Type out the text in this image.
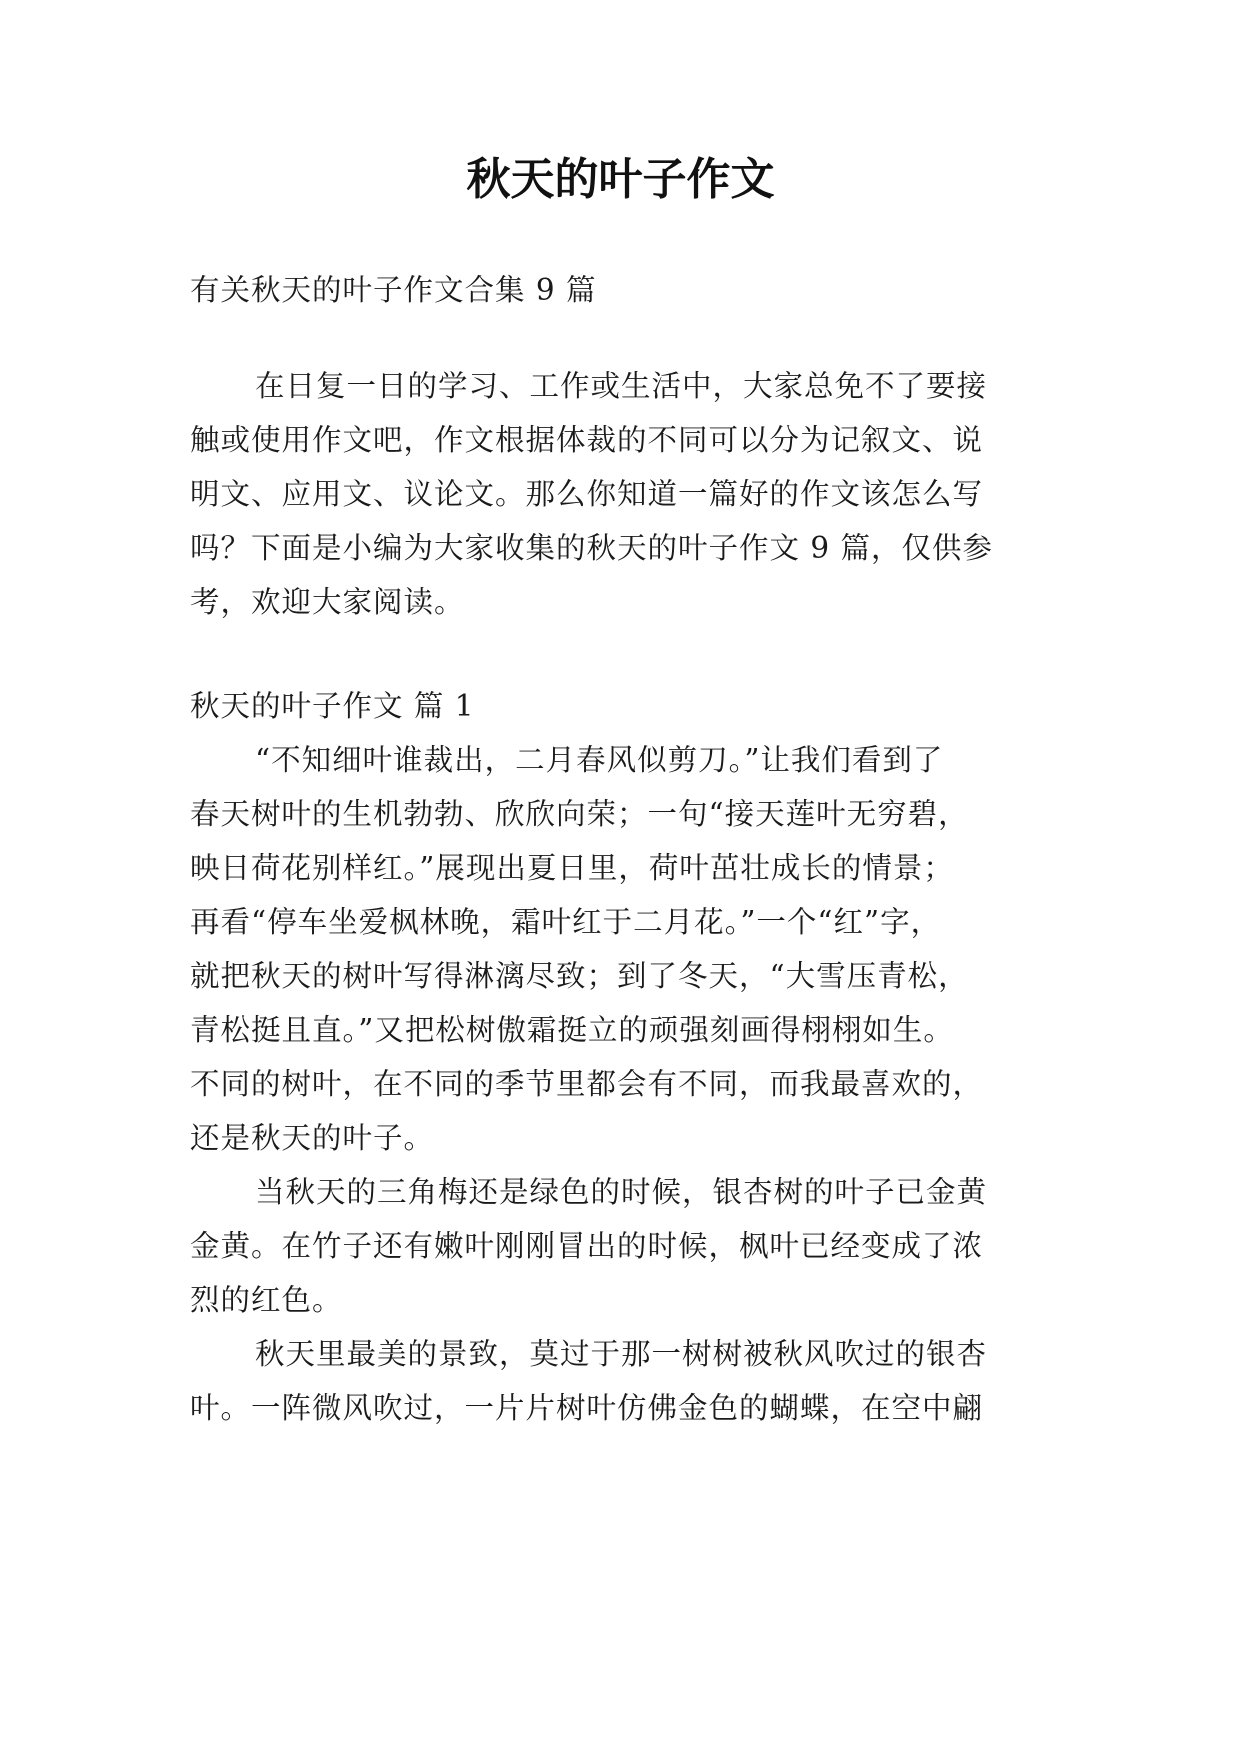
秋天的叶子作文
有关秋天的叶子作文合集 9 篇
在日复一日的学习、工作或生活中，大家总免不了要接
触或使用作文吧，作文根据体裁的不同可以分为记叙文、说
明文、应用文、议论文。那么你知道一篇好的作文该怎么写
吗？下面是小编为大家收集的秋天的叶子作文 9 篇，仅供参
考，欢迎大家阅读。
秋天的叶子作文 篇 1
“不知细叶谁裁出，二月春风似剪刀。”让我们看到了
春天树叶的生机勃勃、欣欣向荣；一句“接天莲叶无穷碧，
映日荷花别样红。”展现出夏日里，荷叶茁壮成长的情景；
再看“停车坐爱枫林晚，霜叶红于二月花。”一个“红”字，
就把秋天的树叶写得淋漓尽致；到了冬天，“大雪压青松，
青松挺且直。”又把松树傲霜挺立的顽强刻画得栩栩如生。
不同的树叶，在不同的季节里都会有不同，而我最喜欢的，
还是秋天的叶子。
当秋天的三角梅还是绿色的时候，银杏树的叶子已金黄
金黄。在竹子还有嫩叶刚刚冒出的时候，枫叶已经变成了浓
烈的红色。
秋天里最美的景致，莫过于那一树树被秋风吹过的银杏
叶。一阵微风吹过，一片片树叶仿佛金色的蝴蝶，在空中翩
